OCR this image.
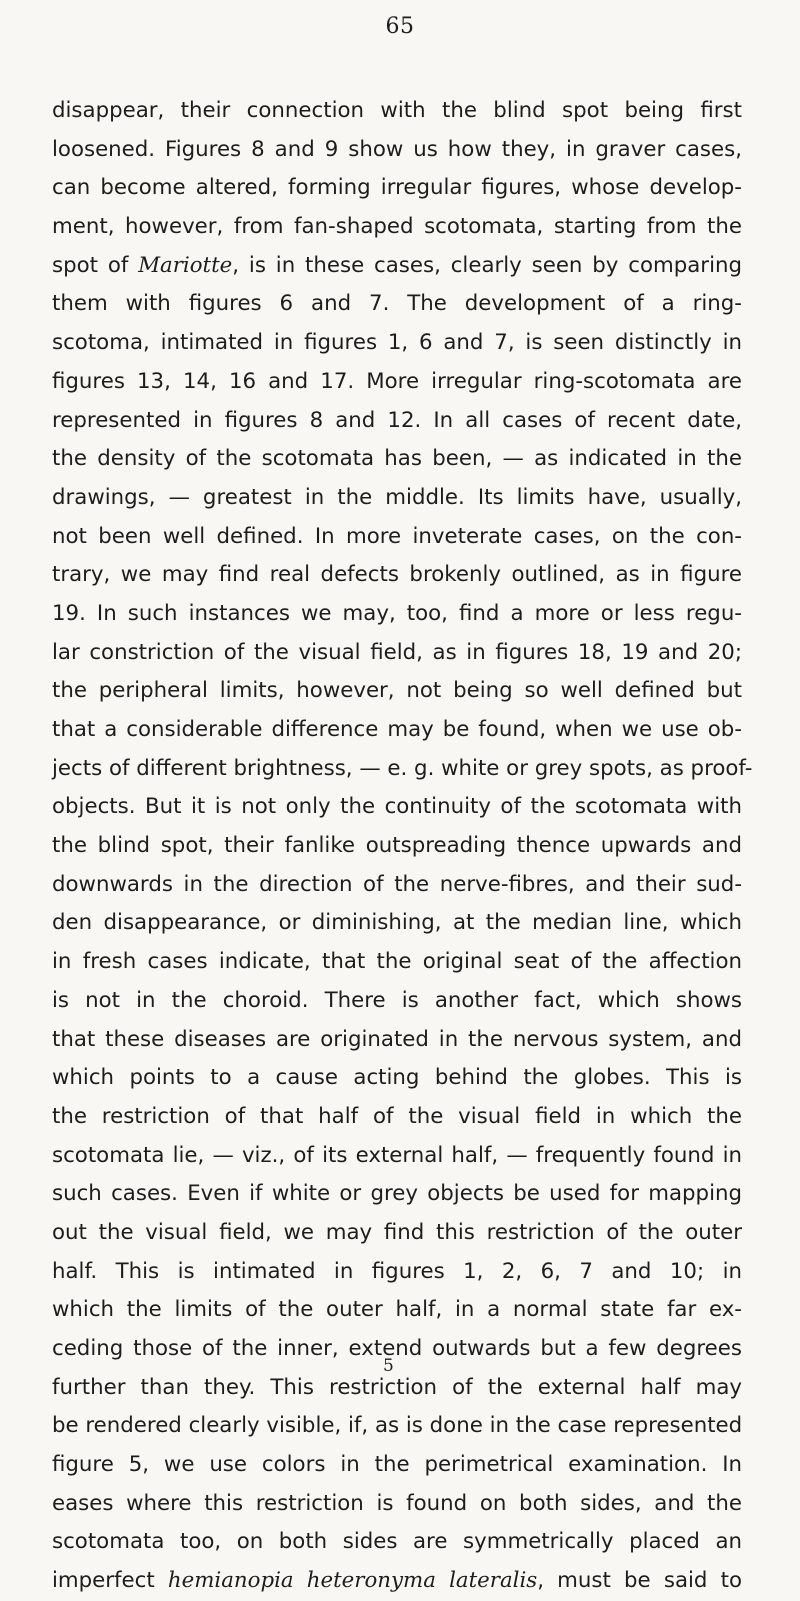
65
disappear, their connection with the blind spot being first
loosened. Figures 8 and 9 show us how they, in graver cases,
can become altered, forming irregular figures, whose develop-
ment, however, from fan-shaped scotomata, starting from the
spot of Mariotte, is in these cases, clearly seen by comparing
them with figures 6 and 7. The development of a ring-
scotoma, intimated in figures 1, 6 and 7, is seen distinctly in
figures 13, 14, 16 and 17. More irregular ring-scotomata are
represented in figures 8 and 12. In all cases of recent date,
the density of the scotomata has been, — as indicated in the
drawings, — greatest in the middle. Its limits have, usually,
not been well defined. In more inveterate cases, on the con-
trary, we may find real defects brokenly outlined, as in figure
19. In such instances we may, too, find a more or less regu-
lar constriction of the visual field, as in figures 18, 19 and 20;
the peripheral limits, however, not being so well defined but
that a considerable difference may be found, when we use ob-
jects of different brightness, — e. g. white or grey spots, as proof-
objects. But it is not only the continuity of the scotomata with
the blind spot, their fanlike outspreading thence upwards and
downwards in the direction of the nerve-fibres, and their sud-
den disappearance, or diminishing, at the median line, which
in fresh cases indicate, that the original seat of the affection
is not in the choroid. There is another fact, which shows
that these diseases are originated in the nervous system, and
which points to a cause acting behind the globes. This is
the restriction of that half of the visual field in which the
scotomata lie, — viz., of its external half, — frequently found in
such cases. Even if white or grey objects be used for mapping
out the visual field, we may find this restriction of the outer
half. This is intimated in figures 1, 2, 6, 7 and 10; in
which the limits of the outer half, in a normal state far ex-
ceding those of the inner, extend outwards but a few degrees
further than they. This restriction of the external half may
be rendered clearly visible, if, as is done in the case represented
figure 5, we use colors in the perimetrical examination. In
eases where this restriction is found on both sides, and the
scotomata too, on both sides are symmetrically placed an
imperfect hemianopia heteronyma lateralis, must be said to
5
